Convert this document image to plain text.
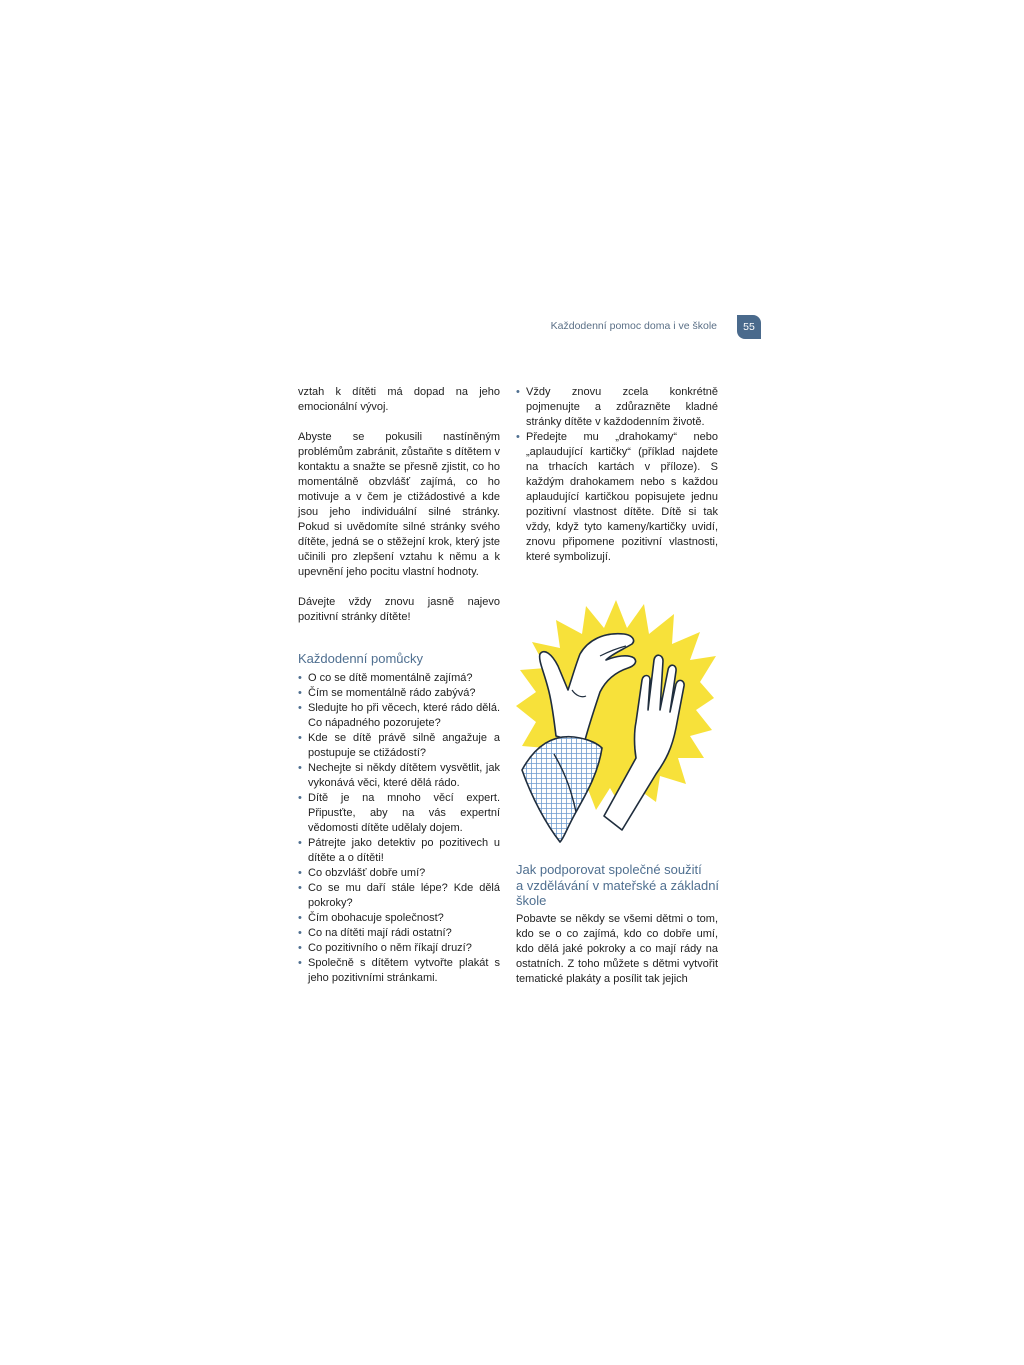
Každodenní pomoc doma i ve škole	55

vztah k dítěti má dopad na jeho emocionální vývoj.

Abyste se pokusili nastíněným problémům zabránit, zůstaňte s dítětem v kontaktu a snažte se přesně zjistit, co ho momentálně obzvlášť zajímá, co ho motivuje a v čem je ctižádostivé a kde jsou jeho individuální silné stránky. Pokud si uvědomíte silné stránky svého dítěte, jedná se o stěžejní krok, který jste učinili pro zlepšení vztahu k němu a k upevnění jeho pocitu vlastní hodnoty.

Dávejte vždy znovu jasně najevo pozitivní stránky dítěte!

Každodenní pomůcky
• O co se dítě momentálně zajímá?
• Čím se momentálně rádo zabývá?
• Sledujte ho při věcech, které rádo dělá. Co nápadného pozorujete?
• Kde se dítě právě silně angažuje a postupuje se ctižádostí?
• Nechejte si někdy dítětem vysvětlit, jak vykonává věci, které dělá rádo.
• Dítě je na mnoho věcí expert. Připusťte, aby na vás expertní vědomosti dítěte udělaly dojem.
• Pátrejte jako detektiv po pozitivech u dítěte a o dítěti!
• Co obzvlášť dobře umí?
• Co se mu daří stále lépe? Kde dělá pokroky?
• Čím obohacuje společnost?
• Co na dítěti mají rádi ostatní?
• Co pozitivního o něm říkají druzí?
• Společně s dítětem vytvořte plakát s jeho pozitivními stránkami.
• Vždy znovu zcela konkrétně pojmenujte a zdůrazněte kladné stránky dítěte v každodenním životě.
• Předejte mu „drahokamy“ nebo „aplaudující kartičky“ (příklad najdete na trhacích kartách v příloze). S každým drahokamem nebo s každou aplaudující kartičkou popisujete jednu pozitivní vlastnost dítěte. Dítě si tak vždy, když tyto kameny/kartičky uvidí, znovu připomene pozitivní vlastnosti, které symbolizují.
Jak podporovat společné soužití
a vzdělávání v mateřské a základní
škole
Pobavte se někdy se všemi dětmi o tom, kdo se o co zajímá, kdo co dobře umí, kdo dělá jaké pokroky a co mají rády na ostatních. Z toho můžete s dětmi vytvořit tematické plakáty a posílit tak jejich
